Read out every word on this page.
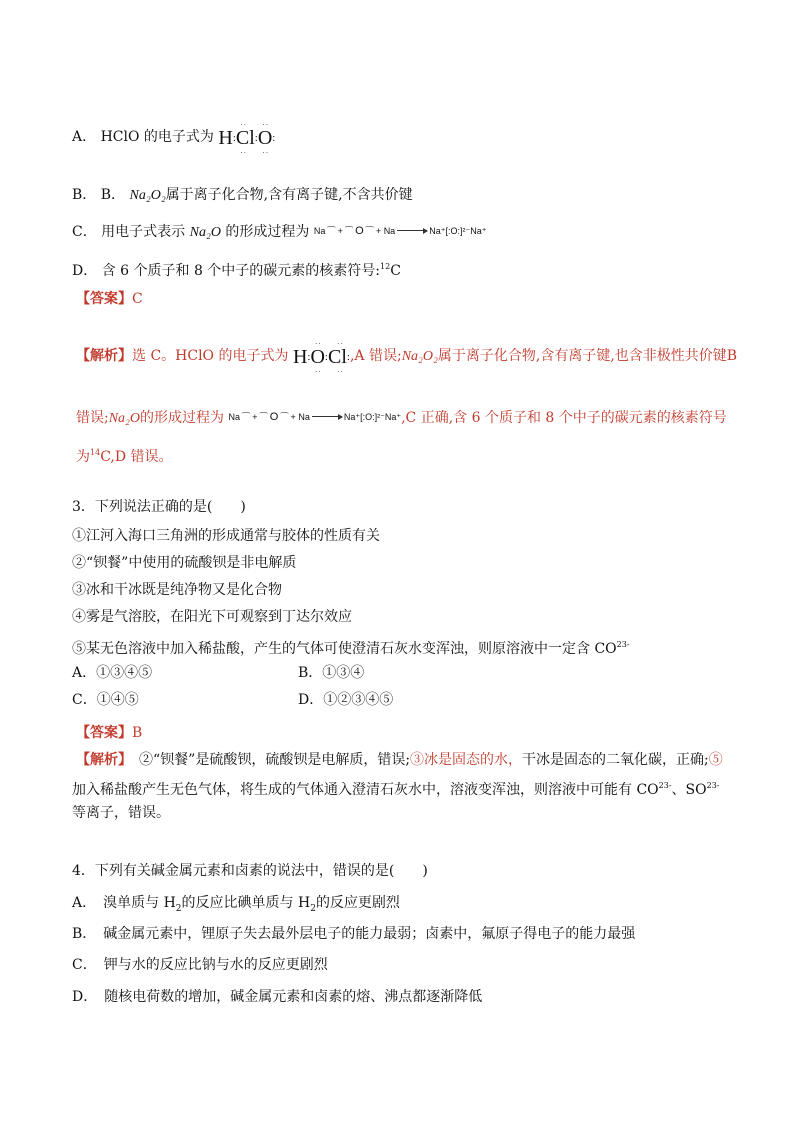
A． HClO 的电子式为 H:Cl:O:
··
··
··
··
B． B． Na₂O₂属于离子化合物,含有离子键,不含共价键
C． 用电子式表示 Na₂O 的形成过程为 Na ⁀ + ⁀ O ⁀ + Na → Na⁺[:O:]²⁻Na⁺
D． 含 6 个质子和 8 个中子的碳元素的核素符号:$^{12}$C
【答案】C
【解析】选 C。HClO 的电子式为 H:O:Cl:
··
··
··
··
,A 错误;Na₂O₂属于离子化合物,含有离子键,也含非极性共价键B
错误;Na₂O的形成过程为 Na ⁀ + ⁀ O ⁀ + Na → Na⁺[:O:]²⁻Na⁺,C 正确,含 6 个质子和 8 个中子的碳元素的核素符号
为$^{14}$C,D 错误。
3．下列说法正确的是(　　)
①江河入海口三角洲的形成通常与胶体的性质有关
②“钡餐”中使用的硫酸钡是非电解质
③冰和干冰既是纯净物又是化合物
④雾是气溶胶，在阳光下可观察到丁达尔效应
⑤某无色溶液中加入稀盐酸，产生的气体可使澄清石灰水变浑浊，则原溶液中一定含 $CO^{23-}$
A．①③④⑤	B．①③④
C．①④⑤	D．①②③④⑤
【答案】B
【解析】　②“钡餐”是硫酸钡，硫酸钡是电解质，错误;③冰是固态的水，干冰是固态的二氧化碳，正确;⑤
加入稀盐酸产生无色气体，将生成的气体通入澄清石灰水中，溶液变浑浊，则溶液中可能有 $CO^{23-}$、$SO^{23-}$
等离子，错误。
4．下列有关碱金属元素和卤素的说法中，错误的是(　　)
A．　 溴单质与 $H_2$的反应比碘单质与 $H_2$的反应更剧烈
B．　碱金属元素中，锂原子失去最外层电子的能力最弱；卤素中，氟原子得电子的能力最强
C．　钾与水的反应比钠与水的反应更剧烈
D．　随核电荷数的增加，碱金属元素和卤素的熔、沸点都逐渐降低
